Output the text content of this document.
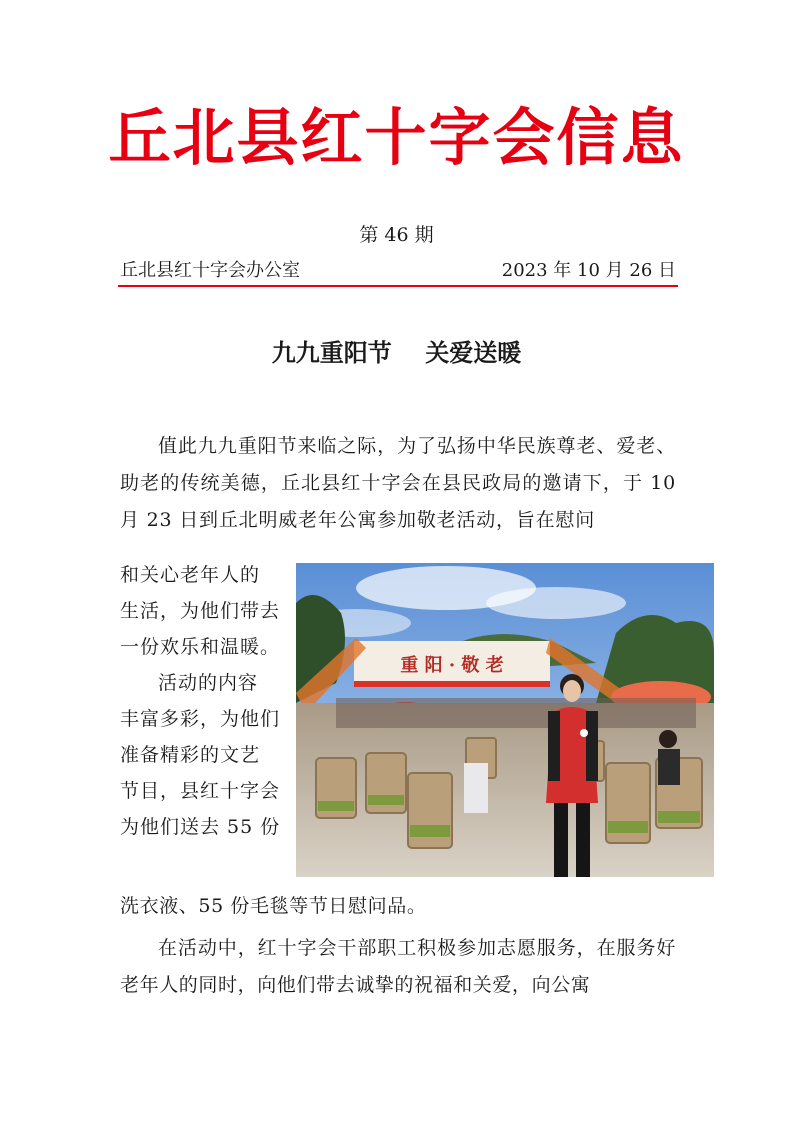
丘北县红十字会信息
第 46 期
丘北县红十字会办公室	2023 年 10 月 26 日
九九重阳节    关爱送暖

值此九九重阳节来临之际，为了弘扬中华民族尊老、爱老、助老的传统美德，丘北县红十字会在县民政局的邀请下，于 10 月 23 日到丘北明威老年公寓参加敬老活动，旨在慰问

和关心老年人的
生活，为他们带去
一份欢乐和温暖。
活动的内容
丰富多彩，为他们
准备精彩的文艺
节目，县红十字会
为他们送去 55 份
重 阳 · 敬 老
洗衣液、55 份毛毯等节日慰问品。

在活动中，红十字会干部职工积极参加志愿服务，在服务好老年人的同时，向他们带去诚挚的祝福和关爱，向公寓
